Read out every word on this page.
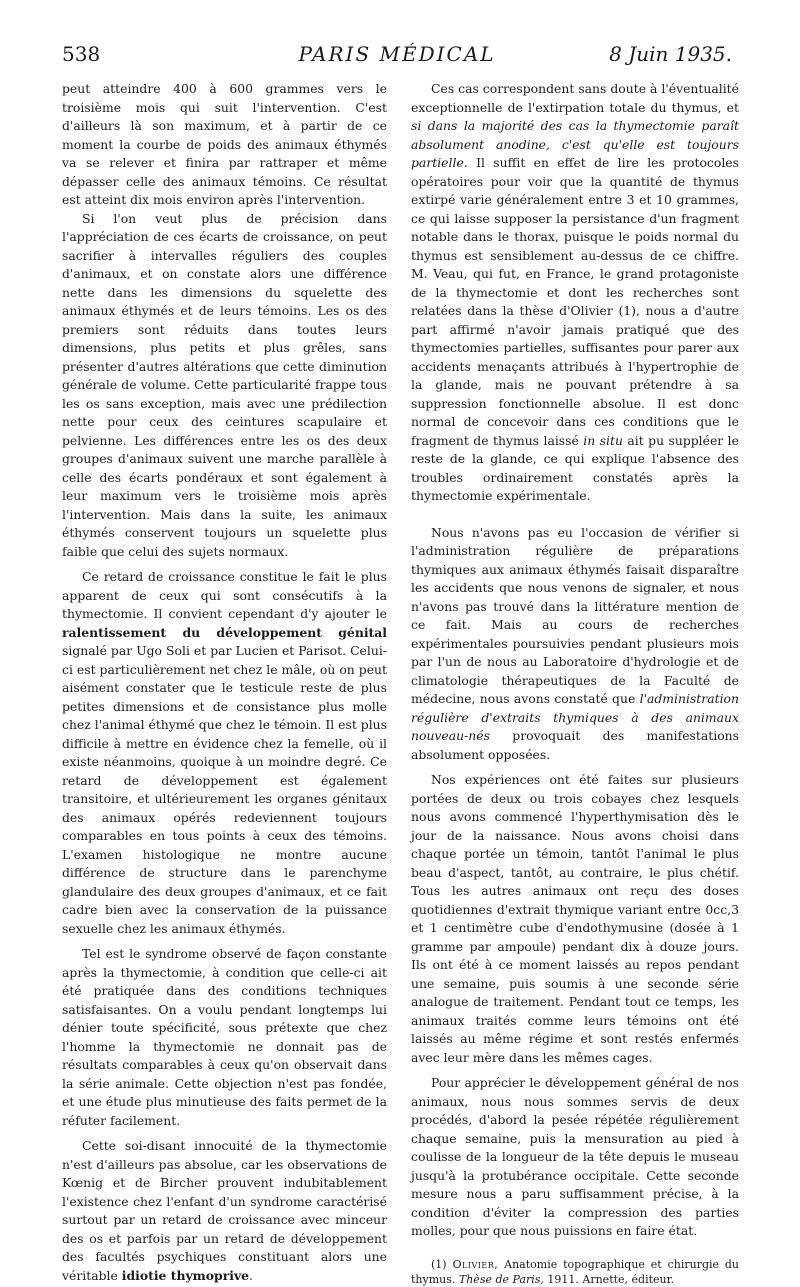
538	PARIS MÉDICAL	8 Juin 1935.

peut atteindre 400 à 600 grammes vers le troisième mois qui suit l'intervention. C'est d'ailleurs là son maximum, et à partir de ce moment la courbe de poids des animaux éthymés va se relever et finira par rattraper et même dépasser celle des animaux témoins. Ce résultat est atteint dix mois environ après l'intervention.

Si l'on veut plus de précision dans l'appréciation de ces écarts de croissance, on peut sacrifier à intervalles réguliers des couples d'animaux, et on constate alors une différence nette dans les dimensions du squelette des animaux éthymés et de leurs témoins. Les os des premiers sont réduits dans toutes leurs dimensions, plus petits et plus grêles, sans présenter d'autres altérations que cette diminution générale de volume. Cette particularité frappe tous les os sans exception, mais avec une prédilection nette pour ceux des ceintures scapulaire et pelvienne. Les différences entre les os des deux groupes d'animaux suivent une marche parallèle à celle des écarts pondéraux et sont également à leur maximum vers le troisième mois après l'intervention. Mais dans la suite, les animaux éthymés conservent toujours un squelette plus faible que celui des sujets normaux.

Ce retard de croissance constitue le fait le plus apparent de ceux qui sont consécutifs à la thymectomie. Il convient cependant d'y ajouter le ralentissement du développement génital signalé par Ugo Soli et par Lucien et Parisot. Celui-ci est particulièrement net chez le mâle, où on peut aisément constater que le testicule reste de plus petites dimensions et de consistance plus molle chez l'animal éthymé que chez le témoin. Il est plus difficile à mettre en évidence chez la femelle, où il existe néanmoins, quoique à un moindre degré. Ce retard de développement est également transitoire, et ultérieurement les organes génitaux des animaux opérés redeviennent toujours comparables en tous points à ceux des témoins. L'examen histologique ne montre aucune différence de structure dans le parenchyme glandulaire des deux groupes d'animaux, et ce fait cadre bien avec la conservation de la puissance sexuelle chez les animaux éthymés.

Tel est le syndrome observé de façon constante après la thymectomie, à condition que celle-ci ait été pratiquée dans des conditions techniques satisfaisantes. On a voulu pendant longtemps lui dénier toute spécificité, sous prétexte que chez l'homme la thymectomie ne donnait pas de résultats comparables à ceux qu'on observait dans la série animale. Cette objection n'est pas fondée, et une étude plus minutieuse des faits permet de la réfuter facilement.

Cette soi-disant innocuité de la thymectomie n'est d'ailleurs pas absolue, car les observations de Kœnig et de Bircher prouvent indubitablement l'existence chez l'enfant d'un syndrome caractérisé surtout par un retard de croissance avec minceur des os et parfois par un retard de développement des facultés psychiques constituant alors une véritable idiotie thymoprive.

Ces cas correspondent sans doute à l'éventualité exceptionnelle de l'extirpation totale du thymus, et si dans la majorité des cas la thymectomie paraît absolument anodine, c'est qu'elle est toujours partielle. Il suffit en effet de lire les protocoles opératoires pour voir que la quantité de thymus extirpé varie généralement entre 3 et 10 grammes, ce qui laisse supposer la persistance d'un fragment notable dans le thorax, puisque le poids normal du thymus est sensiblement au-dessus de ce chiffre. M. Veau, qui fut, en France, le grand protagoniste de la thymectomie et dont les recherches sont relatées dans la thèse d'Olivier (1), nous a d'autre part affirmé n'avoir jamais pratiqué que des thymectomies partielles, suffisantes pour parer aux accidents menaçants attribués à l'hypertrophie de la glande, mais ne pouvant prétendre à sa suppression fonctionnelle absolue. Il est donc normal de concevoir dans ces conditions que le fragment de thymus laissé in situ ait pu suppléer le reste de la glande, ce qui explique l'absence des troubles ordinairement constatés après la thymectomie expérimentale.

Nous n'avons pas eu l'occasion de vérifier si l'administration régulière de préparations thymiques aux animaux éthymés faisait disparaître les accidents que nous venons de signaler, et nous n'avons pas trouvé dans la littérature mention de ce fait. Mais au cours de recherches expérimentales poursuivies pendant plusieurs mois par l'un de nous au Laboratoire d'hydrologie et de climatologie thérapeutiques de la Faculté de médecine, nous avons constaté que l'administration régulière d'extraits thymiques à des animaux nouveau-nés provoquait des manifestations absolument opposées.

Nos expériences ont été faites sur plusieurs portées de deux ou trois cobayes chez lesquels nous avons commencé l'hyperthymisation dès le jour de la naissance. Nous avons choisi dans chaque portée un témoin, tantôt l'animal le plus beau d'aspect, tantôt, au contraire, le plus chétif. Tous les autres animaux ont reçu des doses quotidiennes d'extrait thymique variant entre 0cc,3 et 1 centimètre cube d'endothymusine (dosée à 1 gramme par ampoule) pendant dix à douze jours. Ils ont été à ce moment laissés au repos pendant une semaine, puis soumis à une seconde série analogue de traitement. Pendant tout ce temps, les animaux traités comme leurs témoins ont été laissés au même régime et sont restés enfermés avec leur mère dans les mêmes cages.

Pour apprécier le développement général de nos animaux, nous nous sommes servis de deux procédés, d'abord la pesée répétée régulièrement chaque semaine, puis la mensuration au pied à coulisse de la longueur de la tête depuis le museau jusqu'à la protubérance occipitale. Cette seconde mesure nous a paru suffisamment précise, à la condition d'éviter la compression des parties molles, pour que nous puissions en faire état.

(1) Olivier, Anatomie topographique et chirurgie du thymus. Thèse de Paris, 1911. Arnette, éditeur.
